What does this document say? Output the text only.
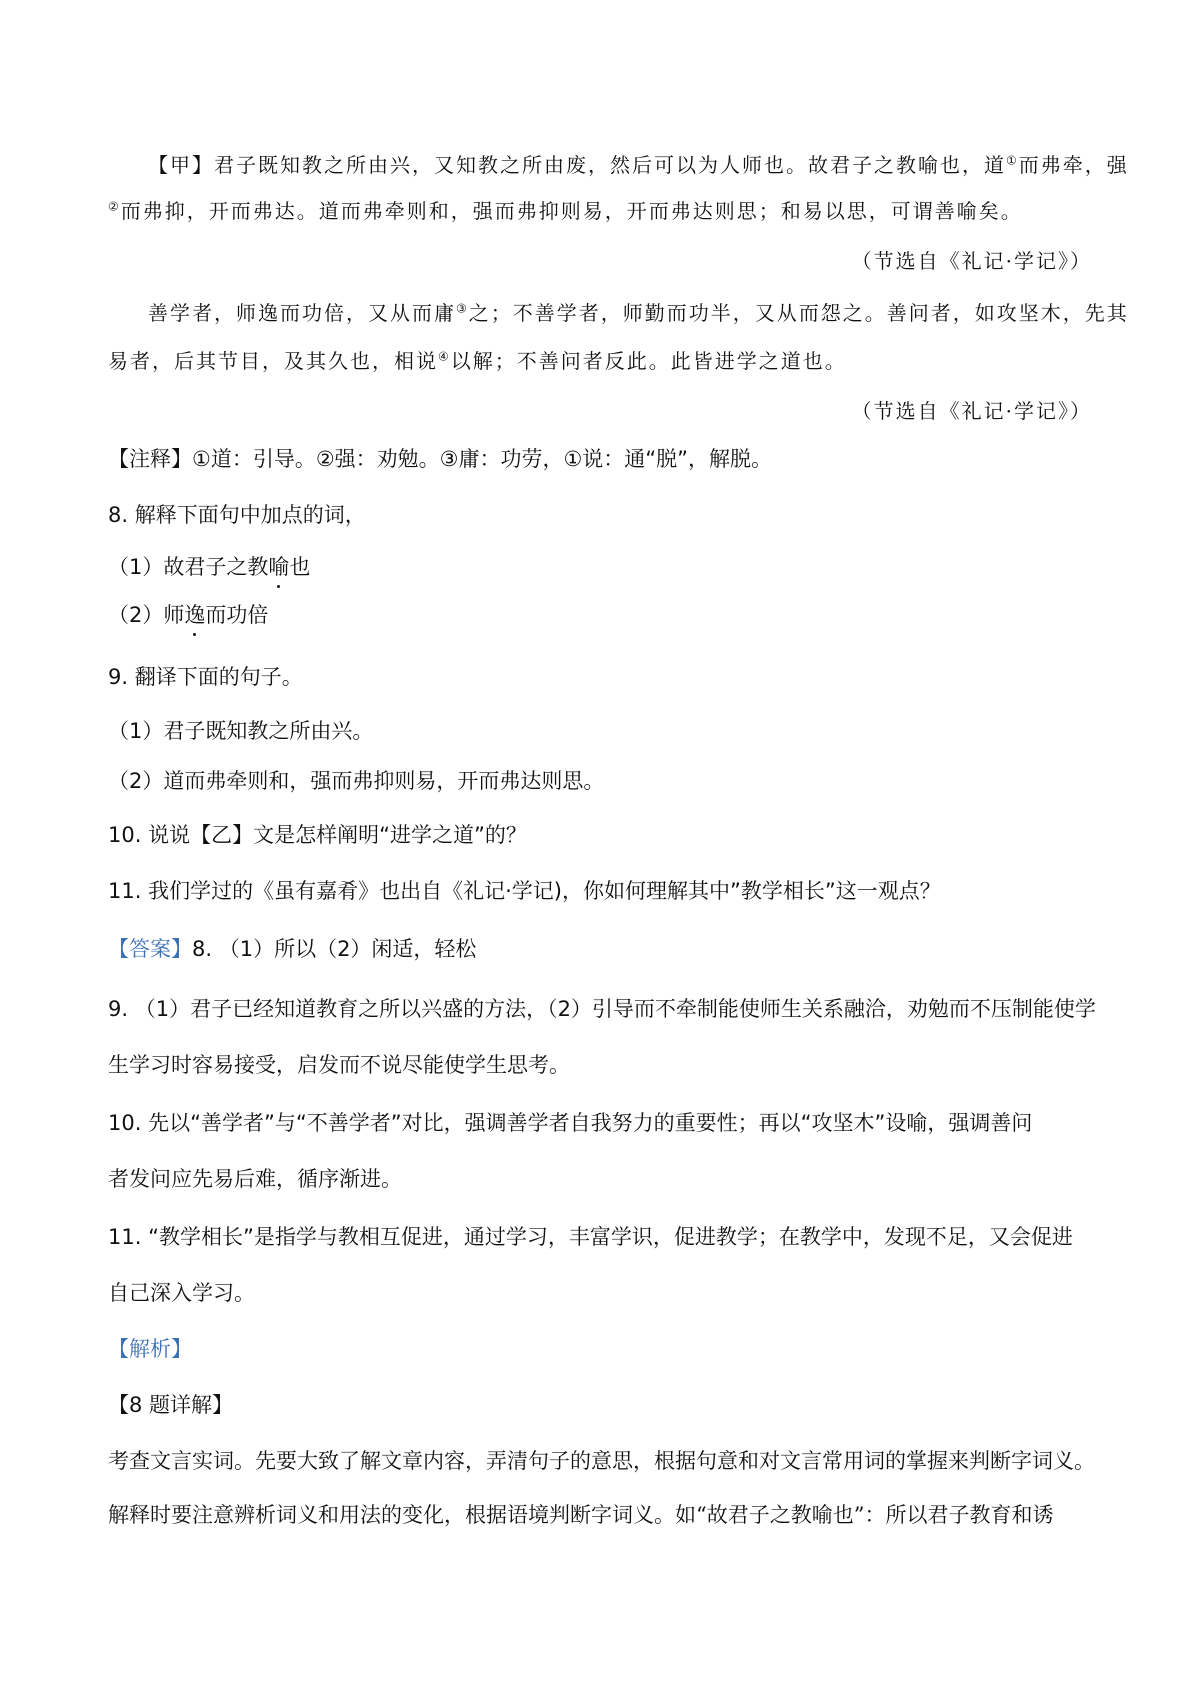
【甲】君子既知教之所由兴，又知教之所由废，然后可以为人师也。故君子之教喻也，道①而弗牵，强
②而弗抑，开而弗达。道而弗牵则和，强而弗抑则易，开而弗达则思；和易以思，可谓善喻矣。
（节选自《礼记·学记》）
善学者，师逸而功倍，又从而庸③之；不善学者，师勤而功半，又从而怨之。善问者，如攻坚木，先其
易者，后其节目，及其久也，相说④以解；不善问者反此。此皆进学之道也。
（节选自《礼记·学记》）
【注释】①道：引导。②强：劝勉。③庸：功劳，①说：通“脱”，解脱。
8. 解释下面句中加点的词，
（1）故君子之教喻也
（2）师逸而功倍
9. 翻译下面的句子。
（1）君子既知教之所由兴。
（2）道而弗牵则和，强而弗抑则易，开而弗达则思。
10. 说说【乙】文是怎样阐明“进学之道”的？
11. 我们学过的《虽有嘉肴》也出自《礼记·学记)，你如何理解其中”教学相长”这一观点？
【答案】8. （1）所以（2）闲适，轻松
9. （1）君子已经知道教育之所以兴盛的方法，（2）引导而不牵制能使师生关系融洽，劝勉而不压制能使学
生学习时容易接受，启发而不说尽能使学生思考。
10. 先以“善学者”与“不善学者”对比，强调善学者自我努力的重要性；再以“攻坚木”设喻，强调善问
者发问应先易后难，循序渐进。
11. “教学相长”是指学与教相互促进，通过学习，丰富学识，促进教学；在教学中，发现不足，又会促进
自己深入学习。
【解析】
【8 题详解】
考查文言实词。先要大致了解文章内容，弄清句子的意思，根据句意和对文言常用词的掌握来判断字词义。
解释时要注意辨析词义和用法的变化，根据语境判断字词义。如“故君子之教喻也”：所以君子教育和诱
